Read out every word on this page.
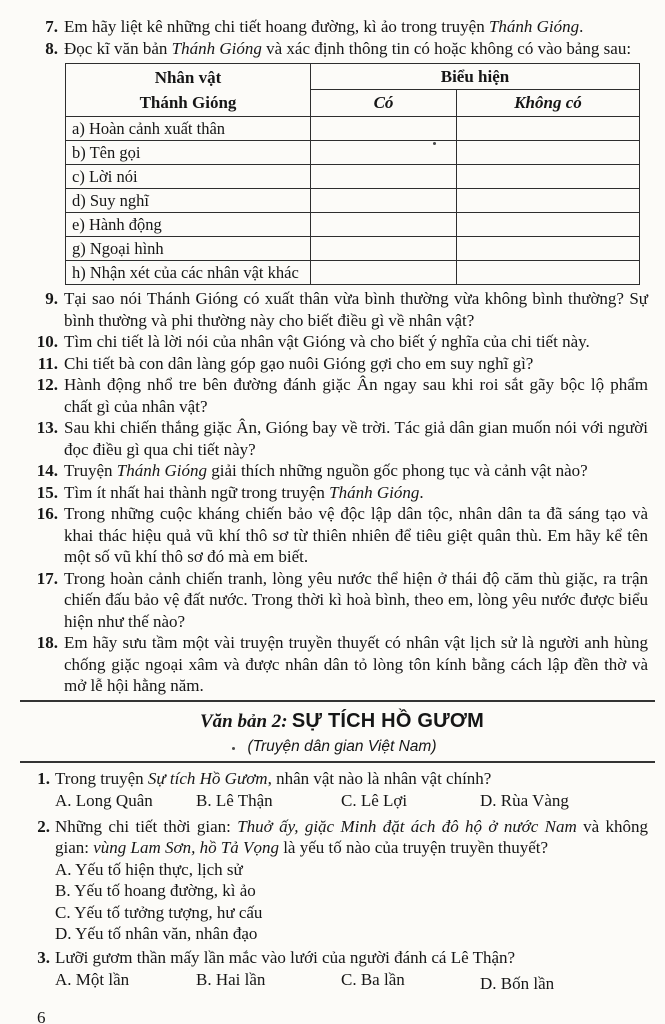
7. Em hãy liệt kê những chi tiết hoang đường, kì ảo trong truyện Thánh Gióng.
8. Đọc kĩ văn bản Thánh Gióng và xác định thông tin có hoặc không có vào bảng sau:
Nhân vật
Thánh Gióng	Biểu hiện	
	Có	Không có
a) Hoàn cảnh xuất thân		
b) Tên gọi		
c) Lời nói		
d) Suy nghĩ		
e) Hành động		
g) Ngoại hình		
h) Nhận xét của các nhân vật khác		
9. Tại sao nói Thánh Gióng có xuất thân vừa bình thường vừa không bình thường? Sự bình thường và phi thường này cho biết điều gì về nhân vật?
10. Tìm chi tiết là lời nói của nhân vật Gióng và cho biết ý nghĩa của chi tiết này.
11. Chi tiết bà con dân làng góp gạo nuôi Gióng gợi cho em suy nghĩ gì?
12. Hành động nhổ tre bên đường đánh giặc Ân ngay sau khi roi sắt gãy bộc lộ phẩm chất gì của nhân vật?
13. Sau khi chiến thắng giặc Ân, Gióng bay về trời. Tác giả dân gian muốn nói với người đọc điều gì qua chi tiết này?
14. Truyện Thánh Gióng giải thích những nguồn gốc phong tục và cảnh vật nào?
15. Tìm ít nhất hai thành ngữ trong truyện Thánh Gióng.
16. Trong những cuộc kháng chiến bảo vệ độc lập dân tộc, nhân dân ta đã sáng tạo và khai thác hiệu quả vũ khí thô sơ từ thiên nhiên để tiêu giệt quân thù. Em hãy kể tên một số vũ khí thô sơ đó mà em biết.
17. Trong hoàn cảnh chiến tranh, lòng yêu nước thể hiện ở thái độ căm thù giặc, ra trận chiến đấu bảo vệ đất nước. Trong thời kì hoà bình, theo em, lòng yêu nước được biểu hiện như thế nào?
18. Em hãy sưu tầm một vài truyện truyền thuyết có nhân vật lịch sử là người anh hùng chống giặc ngoại xâm và được nhân dân tỏ lòng tôn kính bằng cách lập đền thờ và mở lễ hội hằng năm.
Văn bản 2: SỰ TÍCH HỒ GƯƠM
(Truyện dân gian Việt Nam)
1. Trong truyện Sự tích Hồ Gươm, nhân vật nào là nhân vật chính?
A. Long Quân	B. Lê Thận	C. Lê Lợi	D. Rùa Vàng
2. Những chi tiết thời gian: Thuở ấy, giặc Minh đặt ách đô hộ ở nước Nam và không gian: vùng Lam Sơn, hồ Tả Vọng là yếu tố nào của truyện truyền thuyết?
A. Yếu tố hiện thực, lịch sử
B. Yếu tố hoang đường, kì ảo
C. Yếu tố tưởng tượng, hư cấu
D. Yếu tố nhân văn, nhân đạo
3. Lưỡi gươm thần mấy lần mắc vào lưới của người đánh cá Lê Thận?
A. Một lần	B. Hai lần	C. Ba lần	D. Bốn lần
6
